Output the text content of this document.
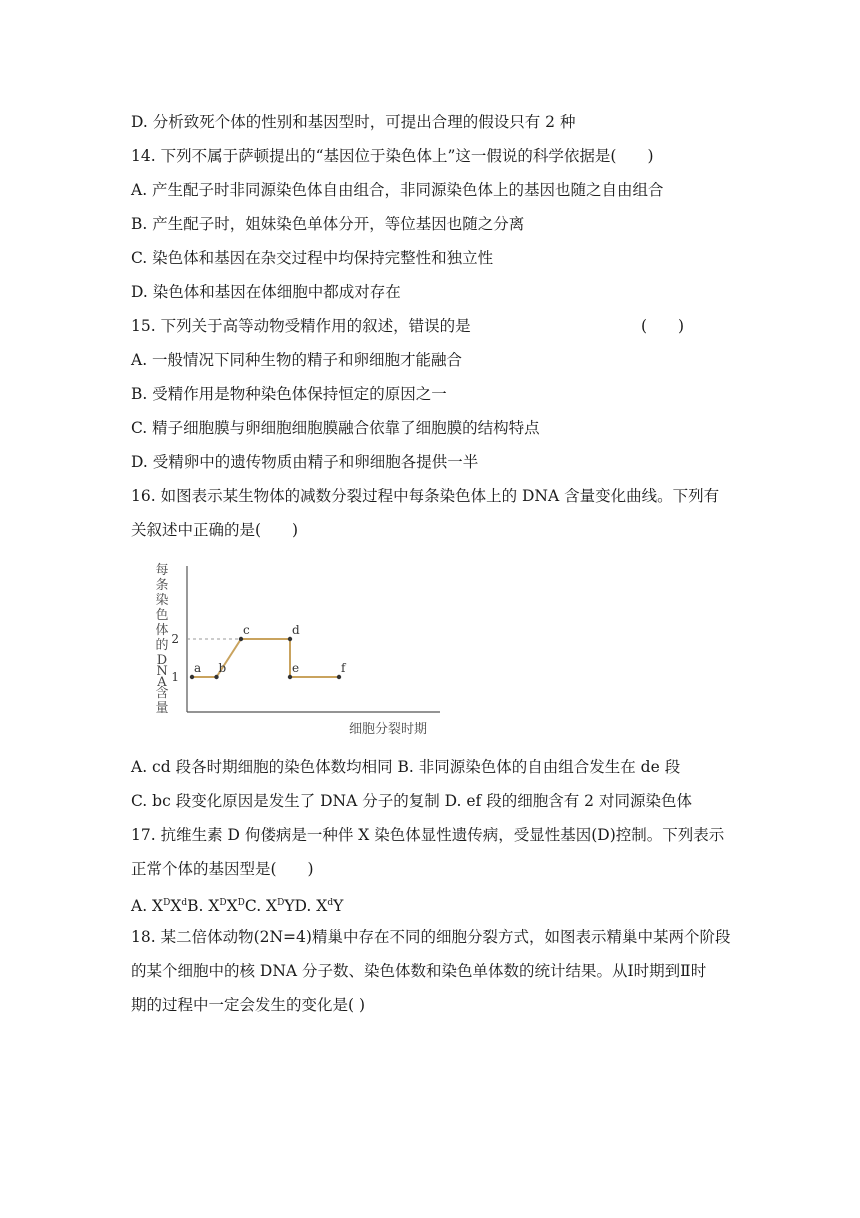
D. 分析致死个体的性别和基因型时，可提出合理的假设只有 2 种
14. 下列不属于萨顿提出的“基因位于染色体上”这一假说的科学依据是(　　)
A. 产生配子时非同源染色体自由组合，非同源染色体上的基因也随之自由组合
B. 产生配子时，姐妹染色单体分开，等位基因也随之分离
C. 染色体和基因在杂交过程中均保持完整性和独立性
D. 染色体和基因在体细胞中都成对存在
15. 下列关于高等动物受精作用的叙述，错误的是	(　　)
A. 一般情况下同种生物的精子和卵细胞才能融合
B. 受精作用是物种染色体保持恒定的原因之一
C. 精子细胞膜与卵细胞细胞膜融合依靠了细胞膜的结构特点
D. 受精卵中的遗传物质由精子和卵细胞各提供一半
16. 如图表示某生物体的减数分裂过程中每条染色体上的 DNA 含量变化曲线。下列有
关叙述中正确的是(　　)
1
2
a b
c	d
e	f
每
条
染
色
体
的
D
N
A
含
量
细胞分裂时期
A. cd 段各时期细胞的染色体数均相同 B. 非同源染色体的自由组合发生在 de 段
C. bc 段变化原因是发生了 DNA 分子的复制 D. ef 段的细胞含有 2 对同源染色体
17. 抗维生素 D 佝偻病是一种伴 X 染色体显性遗传病，受显性基因(D)控制。下列表示
正常个体的基因型是(　　)
A. $X^DX^dB$. $X^DX^DC$. $X^DYD$. $X^dY$
18. 某二倍体动物(2N=4)精巢中存在不同的细胞分裂方式，如图表示精巢中某两个阶段
的某个细胞中的核 DNA 分子数、染色体数和染色单体数的统计结果。从Ⅰ时期到Ⅱ时
期的过程中一定会发生的变化是( )
